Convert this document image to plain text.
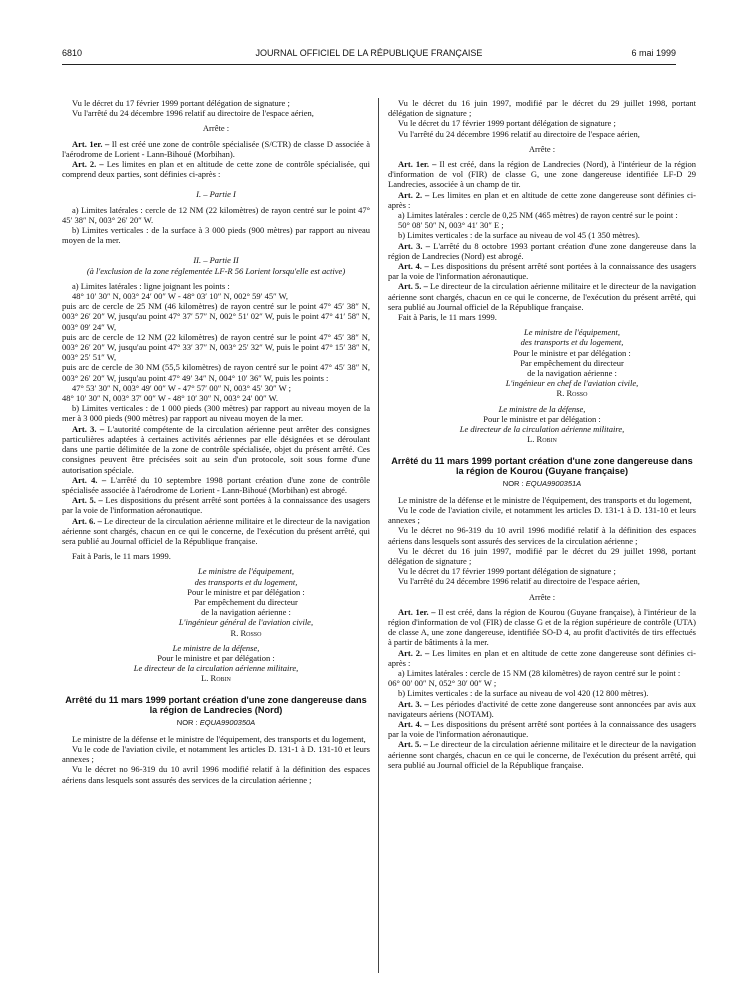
6810	JOURNAL OFFICIEL DE LA RÉPUBLIQUE FRANÇAISE	6 mai 1999

Vu le décret du 17 février 1999 portant délégation de signature ;

Vu l'arrêté du 24 décembre 1996 relatif au directoire de l'espace aérien,

Arrête :

Art. 1er. – Il est créé une zone de contrôle spécialisée (S/CTR) de classe D associée à l'aérodrome de Lorient - Lann-Bihoué (Morbihan).

Art. 2. – Les limites en plan et en altitude de cette zone de contrôle spécialisée, qui comprend deux parties, sont définies ci-après :

I. – Partie I

a) Limites latérales : cercle de 12 NM (22 kilomètres) de rayon centré sur le point 47° 45′ 38″ N, 003° 26′ 20″ W.

b) Limites verticales : de la surface à 3 000 pieds (900 mètres) par rapport au niveau moyen de la mer.

II. – Partie II

(à l'exclusion de la zone réglementée LF-R 56 Lorient lorsqu'elle est active)

a) Limites latérales : ligne joignant les points :

48° 10′ 30″ N, 003° 24′ 00″ W - 48° 03′ 10″ N, 002° 59′ 45″ W,

puis arc de cercle de 25 NM (46 kilomètres) de rayon centré sur le point 47° 45′ 38″ N, 003° 26′ 20″ W, jusqu'au point 47° 37′ 57″ N, 002° 51′ 02″ W, puis le point 47° 41′ 58″ N, 003° 09′ 24″ W,

puis arc de cercle de 12 NM (22 kilomètres) de rayon centré sur le point 47° 45′ 38″ N, 003° 26′ 20″ W, jusqu'au point 47° 33′ 37″ N, 003° 25′ 32″ W, puis le point 47° 15′ 38″ N, 003° 25′ 51″ W,

puis arc de cercle de 30 NM (55,5 kilomètres) de rayon centré sur le point 47° 45′ 38″ N, 003° 26′ 20″ W, jusqu'au point 47° 49′ 34″ N, 004° 10′ 36″ W, puis les points :

47° 53′ 30″ N, 003° 49′ 00″ W - 47° 57′ 00″ N, 003° 45′ 30″ W ;

48° 10′ 30″ N, 003° 37′ 00″ W - 48° 10′ 30″ N, 003° 24′ 00″ W.

b) Limites verticales : de 1 000 pieds (300 mètres) par rapport au niveau moyen de la mer à 3 000 pieds (900 mètres) par rapport au niveau moyen de la mer.

Art. 3. – L'autorité compétente de la circulation aérienne peut arrêter des consignes particulières adaptées à certaines activités aériennes par elle désignées et se déroulant dans une partie délimitée de la zone de contrôle spécialisée, objet du présent arrêté. Ces consignes peuvent être précisées soit au sein d'un protocole, soit sous forme d'une autorisation spéciale.

Art. 4. – L'arrêté du 10 septembre 1998 portant création d'une zone de contrôle spécialisée associée à l'aérodrome de Lorient - Lann-Bihoué (Morbihan) est abrogé.

Art. 5. – Les dispositions du présent arrêté sont portées à la connaissance des usagers par la voie de l'information aéronautique.

Art. 6. – Le directeur de la circulation aérienne militaire et le directeur de la navigation aérienne sont chargés, chacun en ce qui le concerne, de l'exécution du présent arrêté, qui sera publié au Journal officiel de la République française.

Fait à Paris, le 11 mars 1999.

Le ministre de l'équipement,

des transports et du logement,

Pour le ministre et par délégation :

Par empêchement du directeur

de la navigation aérienne :

L'ingénieur général de l'aviation civile,

R. Rosso

Le ministre de la défense,

Pour le ministre et par délégation :

Le directeur de la circulation aérienne militaire,

L. Robin

Arrêté du 11 mars 1999 portant création d'une zone dangereuse dans la région de Landrecies (Nord)

NOR : EQUA9900350A

Le ministre de la défense et le ministre de l'équipement, des transports et du logement,

Vu le code de l'aviation civile, et notamment les articles D. 131-1 à D. 131-10 et leurs annexes ;

Vu le décret no 96-319 du 10 avril 1996 modifié relatif à la définition des espaces aériens dans lesquels sont assurés des services de la circulation aérienne ;

Vu le décret du 16 juin 1997, modifié par le décret du 29 juillet 1998, portant délégation de signature ;

Vu le décret du 17 février 1999 portant délégation de signature ;

Vu l'arrêté du 24 décembre 1996 relatif au directoire de l'espace aérien,

Arrête :

Art. 1er. – Il est créé, dans la région de Landrecies (Nord), à l'intérieur de la région d'information de vol (FIR) de classe G, une zone dangereuse identifiée LF-D 29 Landrecies, associée à un champ de tir.

Art. 2. – Les limites en plan et en altitude de cette zone dangereuse sont définies ci-après :

a) Limites latérales : cercle de 0,25 NM (465 mètres) de rayon centré sur le point :

50° 08′ 50″ N, 003° 41′ 30″ E ;

b) Limites verticales : de la surface au niveau de vol 45 (1 350 mètres).

Art. 3. – L'arrêté du 8 octobre 1993 portant création d'une zone dangereuse dans la région de Landrecies (Nord) est abrogé.

Art. 4. – Les dispositions du présent arrêté sont portées à la connaissance des usagers par la voie de l'information aéronautique.

Art. 5. – Le directeur de la circulation aérienne militaire et le directeur de la navigation aérienne sont chargés, chacun en ce qui le concerne, de l'exécution du présent arrêté, qui sera publié au Journal officiel de la République française.

Fait à Paris, le 11 mars 1999.

Le ministre de l'équipement,

des transports et du logement,

Pour le ministre et par délégation :

Par empêchement du directeur

de la navigation aérienne :

L'ingénieur en chef de l'aviation civile,

R. Rosso

Le ministre de la défense,

Pour le ministre et par délégation :

Le directeur de la circulation aérienne militaire,

L. Robin

Arrêté du 11 mars 1999 portant création d'une zone dangereuse dans la région de Kourou (Guyane française)

NOR : EQUA9900351A

Le ministre de la défense et le ministre de l'équipement, des transports et du logement,

Vu le code de l'aviation civile, et notamment les articles D. 131-1 à D. 131-10 et leurs annexes ;

Vu le décret no 96-319 du 10 avril 1996 modifié relatif à la définition des espaces aériens dans lesquels sont assurés des services de la circulation aérienne ;

Vu le décret du 16 juin 1997, modifié par le décret du 29 juillet 1998, portant délégation de signature ;

Vu le décret du 17 février 1999 portant délégation de signature ;

Vu l'arrêté du 24 décembre 1996 relatif au directoire de l'espace aérien,

Arrête :

Art. 1er. – Il est créé, dans la région de Kourou (Guyane française), à l'intérieur de la région d'information de vol (FIR) de classe G et de la région supérieure de contrôle (UTA) de classe A, une zone dangereuse, identifiée SO-D 4, au profit d'activités de tirs effectués à partir de bâtiments à la mer.

Art. 2. – Les limites en plan et en altitude de cette zone dangereuse sont définies ci-après :

a) Limites latérales : cercle de 15 NM (28 kilomètres) de rayon centré sur le point :

06° 00′ 00″ N, 052° 30′ 00″ W ;

b) Limites verticales : de la surface au niveau de vol 420 (12 800 mètres).

Art. 3. – Les périodes d'activité de cette zone dangereuse sont annoncées par avis aux navigateurs aériens (NOTAM).

Art. 4. – Les dispositions du présent arrêté sont portées à la connaissance des usagers par la voie de l'information aéronautique.

Art. 5. – Le directeur de la circulation aérienne militaire et le directeur de la navigation aérienne sont chargés, chacun en ce qui le concerne, de l'exécution du présent arrêté, qui sera publié au Journal officiel de la République française.
